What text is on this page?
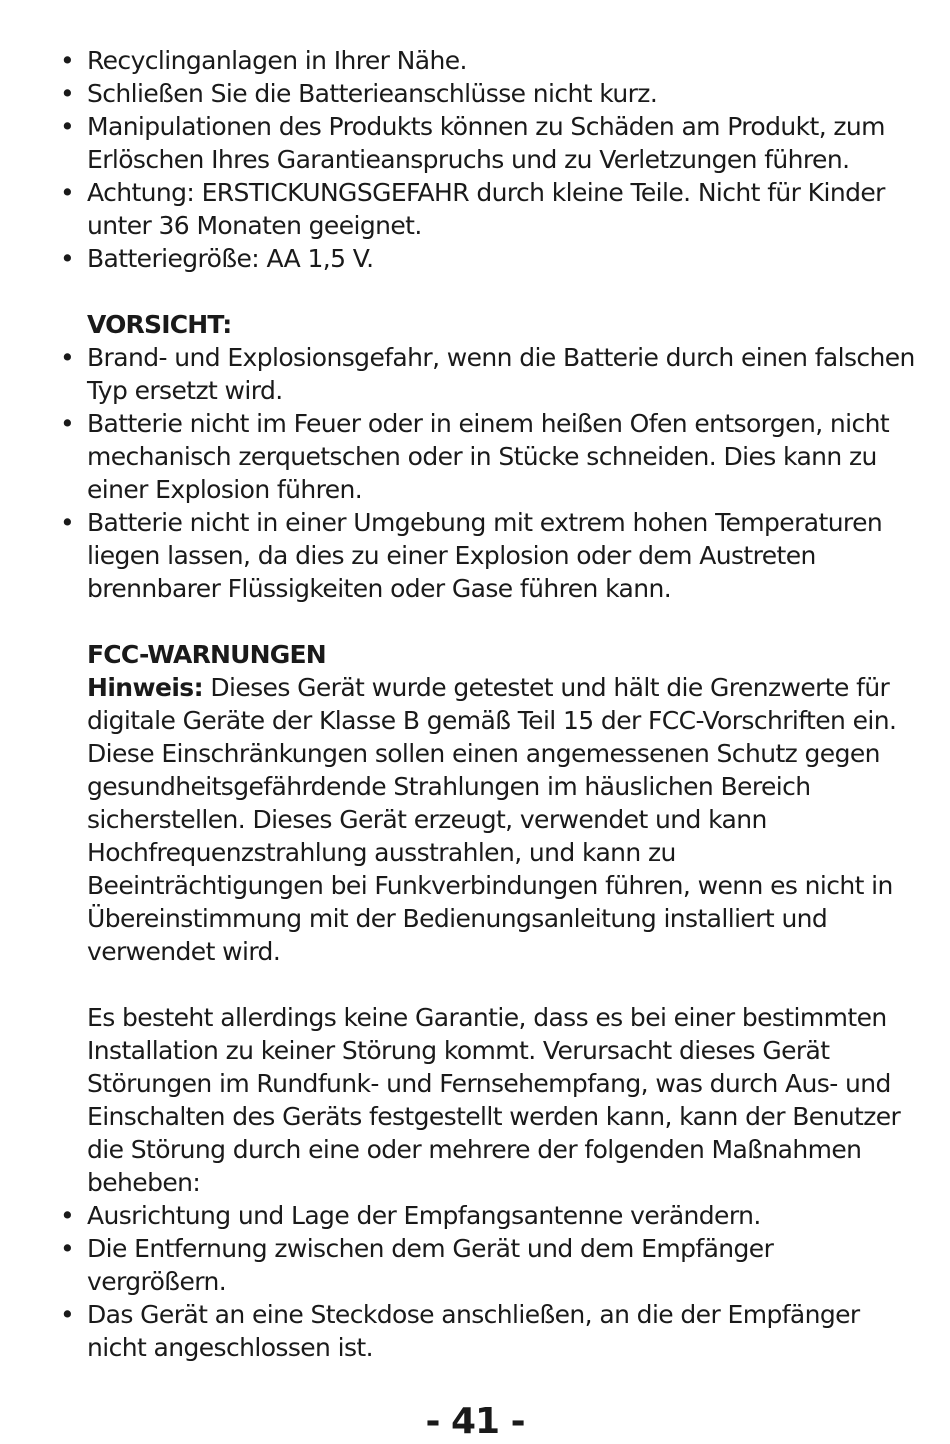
• Recyclinganlagen in Ihrer Nähe.
• Schließen Sie die Batterieanschlüsse nicht kurz.
• Manipulationen des Produkts können zu Schäden am Produkt, zum Erlöschen Ihres Garantieanspruchs und zu Verletzungen führen.
• Achtung: ERSTICKUNGSGEFAHR durch kleine Teile. Nicht für Kinder unter 36 Monaten geeignet.
• Batteriegröße: AA 1,5 V.

VORSICHT:

• Brand- und Explosionsgefahr, wenn die Batterie durch einen falschen Typ ersetzt wird.
• Batterie nicht im Feuer oder in einem heißen Ofen entsorgen, nicht mechanisch zerquetschen oder in Stücke schneiden. Dies kann zu einer Explosion führen.
• Batterie nicht in einer Umgebung mit extrem hohen Temperaturen liegen lassen, da dies zu einer Explosion oder dem Austreten brennbarer Flüssigkeiten oder Gase führen kann.

FCC-WARNUNGEN

Hinweis: Dieses Gerät wurde getestet und hält die Grenzwerte für digitale Geräte der Klasse B gemäß Teil 15 der FCC-Vorschriften ein. Diese Einschränkungen sollen einen angemessenen Schutz gegen gesundheitsgefährdende Strahlungen im häuslichen Bereich sicherstellen. Dieses Gerät erzeugt, verwendet und kann Hochfrequenzstrahlung ausstrahlen, und kann zu Beeinträchtigungen bei Funkverbindungen führen, wenn es nicht in Übereinstimmung mit der Bedienungsanleitung installiert und verwendet wird.

Es besteht allerdings keine Garantie, dass es bei einer bestimmten Installation zu keiner Störung kommt. Verursacht dieses Gerät Störungen im Rundfunk- und Fernsehempfang, was durch Aus- und Einschalten des Geräts festgestellt werden kann, kann der Benutzer die Störung durch eine oder mehrere der folgenden Maßnahmen beheben:

• Ausrichtung und Lage der Empfangsantenne verändern.
• Die Entfernung zwischen dem Gerät und dem Empfänger vergrößern.
• Das Gerät an eine Steckdose anschließen, an die der Empfänger nicht angeschlossen ist.
- 41 -
